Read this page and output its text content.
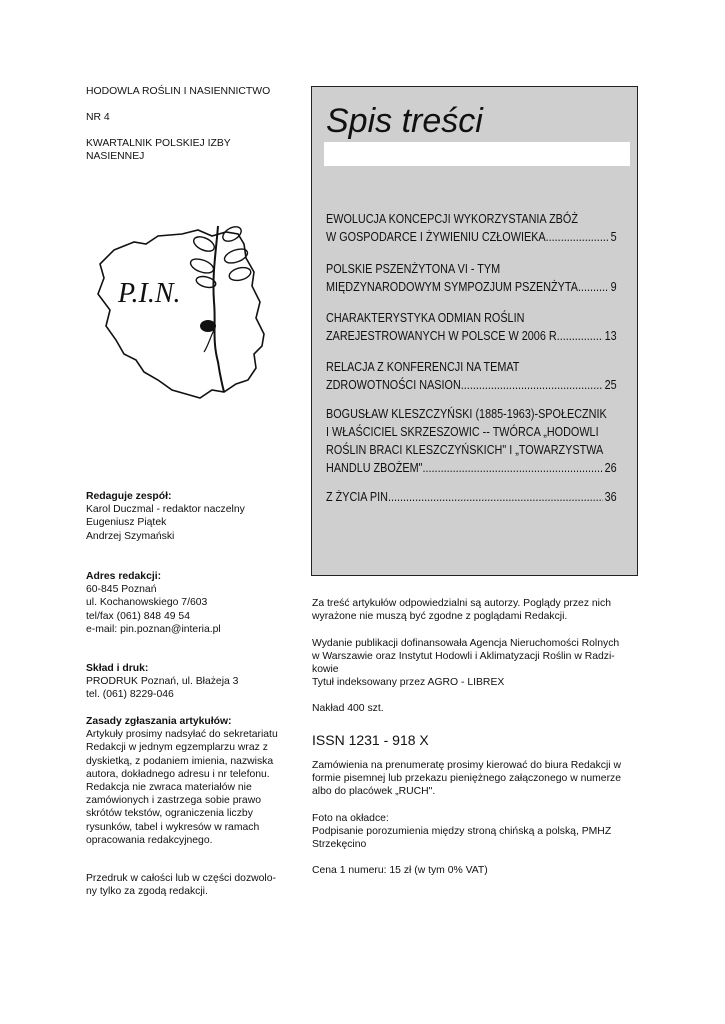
HODOWLA ROŚLIN I NASIENNICTWO
NR 4
KWARTALNIK POLSKIEJ IZBY
NASIENNEJ
P.I.N.
Spis treści
EWOLUCJA KONCEPCJI WYKORZYSTANIA ZBÓŻ
W GOSPODARCE I ŻYWIENIU CZŁOWIEKA .....	5
POLSKIE PSZENŻYTONA VI - TYM
MIĘDZYNARODOWYM SYMPOZJUM PSZENŻYTA .....	9
CHARAKTERYSTYKA ODMIAN ROŚLIN
ZAREJESTROWANYCH W POLSCE W 2006 R. .....	13
RELACJA Z KONFERENCJI NA TEMAT
ZDROWOTNOŚCI NASION .....	25
BOGUSŁAW KLESZCZYŃSKI (1885-1963)-SPOŁECZNIK
I WŁAŚCICIEL SKRZESZOWIC -- TWÓRCA „HODOWLI
ROŚLIN BRACI KLESZCZYŃSKICH" I „TOWARZYSTWA
HANDLU ZBOŻEM" .....	26
Z ŻYCIA PIN .....	36
Redaguje zespół:
Karol Duczmal - redaktor naczelny
Eugeniusz Piątek
Andrzej Szymański
Adres redakcji:
60-845 Poznań
ul. Kochanowskiego 7/603
tel/fax (061) 848 49 54
e-mail: pin.poznan@interia.pl
Skład i druk:
PRODRUK Poznań, ul. Błażeja 3
tel. (061) 8229-046
Zasady zgłaszania artykułów:
Artykuły prosimy nadsyłać do sekretariatu
Redakcji w jednym egzemplarzu wraz z
dyskietką, z podaniem imienia, nazwiska
autora, dokładnego adresu i nr telefonu.
Redakcja nie zwraca materiałów nie
zamówionych i zastrzega sobie prawo
skrótów tekstów, ograniczenia liczby
rysunków, tabel i wykresów w ramach
opracowania redakcyjnego.
Przedruk w całości lub w części dozwolo-
ny tylko za zgodą redakcji.
Za treść artykułów odpowiedzialni są autorzy. Poglądy przez nich
wyrażone nie muszą być zgodne z poglądami Redakcji.
Wydanie publikacji dofinansowała Agencja Nieruchomości Rolnych
w Warszawie oraz Instytut Hodowli i Aklimatyzacji Roślin w Radzi-
kowie
Tytuł indeksowany przez AGRO - LIBREX
Nakład 400 szt.
ISSN 1231 - 918 X
Zamówienia na prenumeratę prosimy kierować do biura Redakcji w
formie pisemnej lub przekazu pieniężnego załączonego w numerze
albo do placówek „RUCH".
Foto na okładce:
Podpisanie porozumienia między stroną chińską a polską, PMHZ
Strzekęcino
Cena 1 numeru: 15 zł (w tym 0% VAT)
